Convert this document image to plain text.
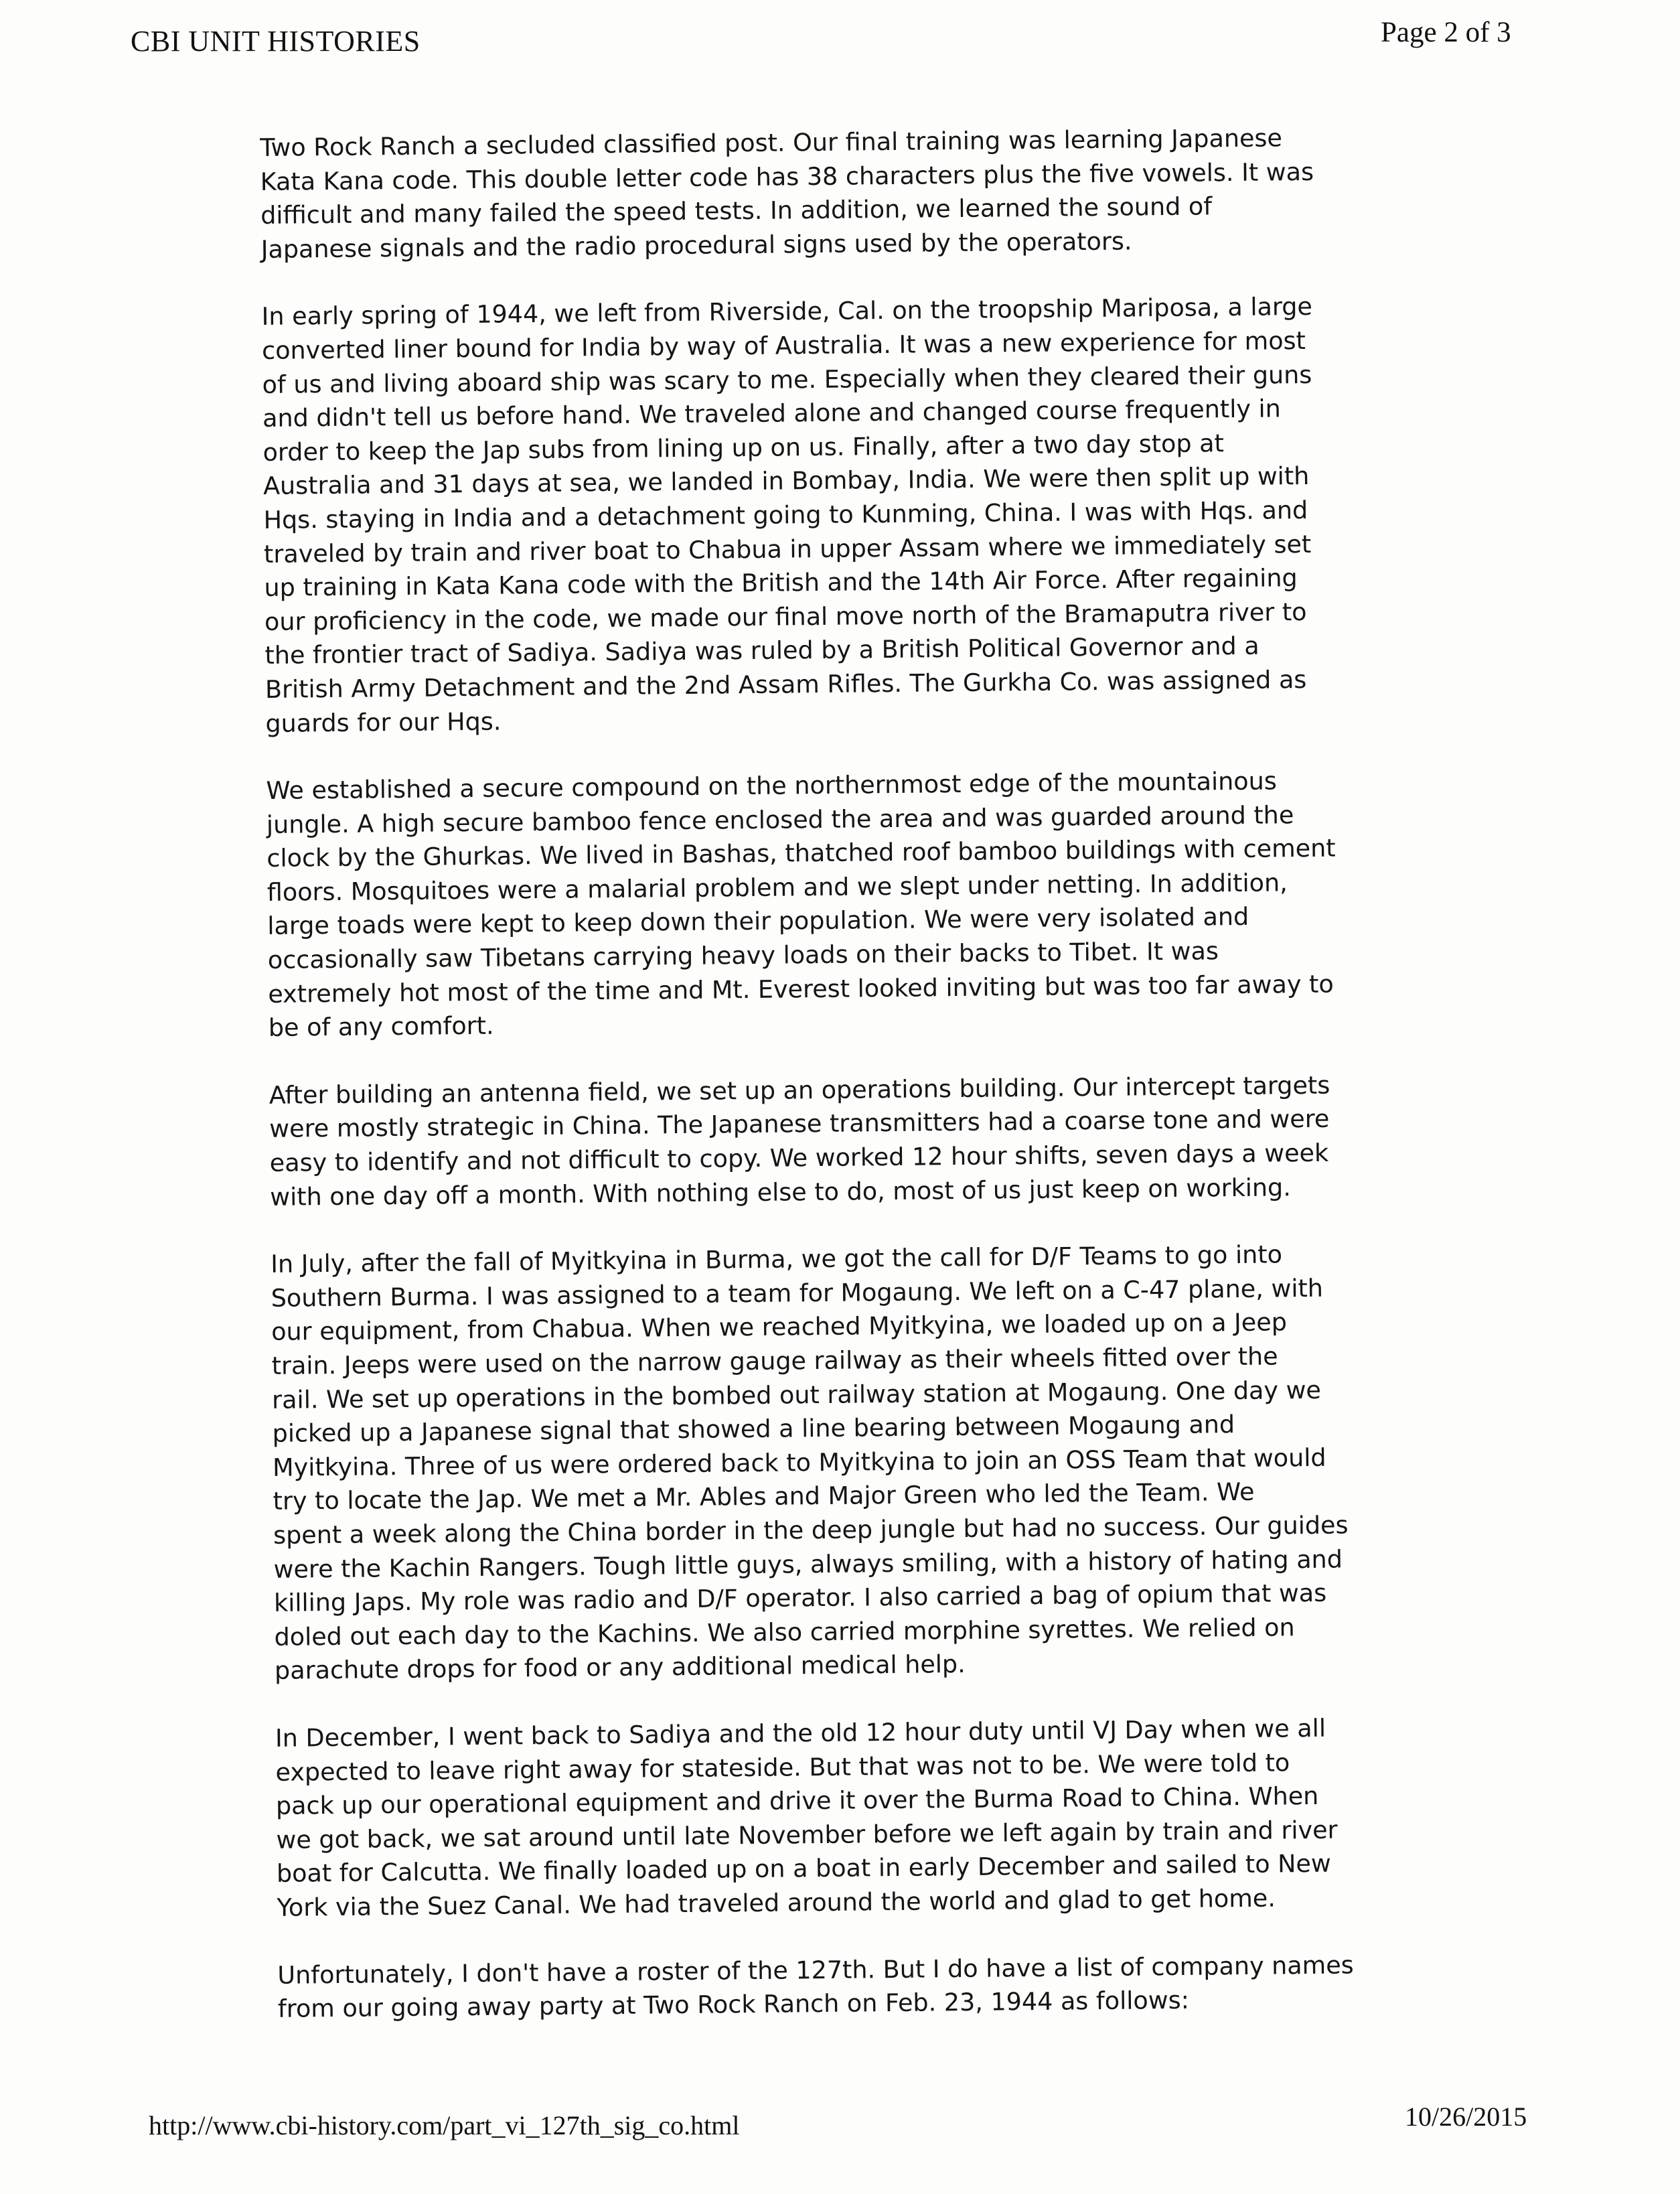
CBI UNIT HISTORIES	Page 2 of 3

Two Rock Ranch a secluded classified post. Our final training was learning Japanese
Kata Kana code. This double letter code has 38 characters plus the five vowels. It was
difficult and many failed the speed tests. In addition, we learned the sound of
Japanese signals and the radio procedural signs used by the operators.

In early spring of 1944, we left from Riverside, Cal. on the troopship Mariposa, a large
converted liner bound for India by way of Australia. It was a new experience for most
of us and living aboard ship was scary to me. Especially when they cleared their guns
and didn't tell us before hand. We traveled alone and changed course frequently in
order to keep the Jap subs from lining up on us. Finally, after a two day stop at
Australia and 31 days at sea, we landed in Bombay, India. We were then split up with
Hqs. staying in India and a detachment going to Kunming, China. I was with Hqs. and
traveled by train and river boat to Chabua in upper Assam where we immediately set
up training in Kata Kana code with the British and the 14th Air Force. After regaining
our proficiency in the code, we made our final move north of the Bramaputra river to
the frontier tract of Sadiya. Sadiya was ruled by a British Political Governor and a
British Army Detachment and the 2nd Assam Rifles. The Gurkha Co. was assigned as
guards for our Hqs.

We established a secure compound on the northernmost edge of the mountainous
jungle. A high secure bamboo fence enclosed the area and was guarded around the
clock by the Ghurkas. We lived in Bashas, thatched roof bamboo buildings with cement
floors. Mosquitoes were a malarial problem and we slept under netting. In addition,
large toads were kept to keep down their population. We were very isolated and
occasionally saw Tibetans carrying heavy loads on their backs to Tibet. It was
extremely hot most of the time and Mt. Everest looked inviting but was too far away to
be of any comfort.

After building an antenna field, we set up an operations building. Our intercept targets
were mostly strategic in China. The Japanese transmitters had a coarse tone and were
easy to identify and not difficult to copy. We worked 12 hour shifts, seven days a week
with one day off a month. With nothing else to do, most of us just keep on working.

In July, after the fall of Myitkyina in Burma, we got the call for D/F Teams to go into
Southern Burma. I was assigned to a team for Mogaung. We left on a C-47 plane, with
our equipment, from Chabua. When we reached Myitkyina, we loaded up on a Jeep
train. Jeeps were used on the narrow gauge railway as their wheels fitted over the
rail. We set up operations in the bombed out railway station at Mogaung. One day we
picked up a Japanese signal that showed a line bearing between Mogaung and
Myitkyina. Three of us were ordered back to Myitkyina to join an OSS Team that would
try to locate the Jap. We met a Mr. Ables and Major Green who led the Team. We
spent a week along the China border in the deep jungle but had no success. Our guides
were the Kachin Rangers. Tough little guys, always smiling, with a history of hating and
killing Japs. My role was radio and D/F operator. I also carried a bag of opium that was
doled out each day to the Kachins. We also carried morphine syrettes. We relied on
parachute drops for food or any additional medical help.

In December, I went back to Sadiya and the old 12 hour duty until VJ Day when we all
expected to leave right away for stateside. But that was not to be. We were told to
pack up our operational equipment and drive it over the Burma Road to China. When
we got back, we sat around until late November before we left again by train and river
boat for Calcutta. We finally loaded up on a boat in early December and sailed to New
York via the Suez Canal. We had traveled around the world and glad to get home.

Unfortunately, I don't have a roster of the 127th. But I do have a list of company names
from our going away party at Two Rock Ranch on Feb. 23, 1944 as follows:

http://www.cbi-history.com/part_vi_127th_sig_co.html	10/26/2015
